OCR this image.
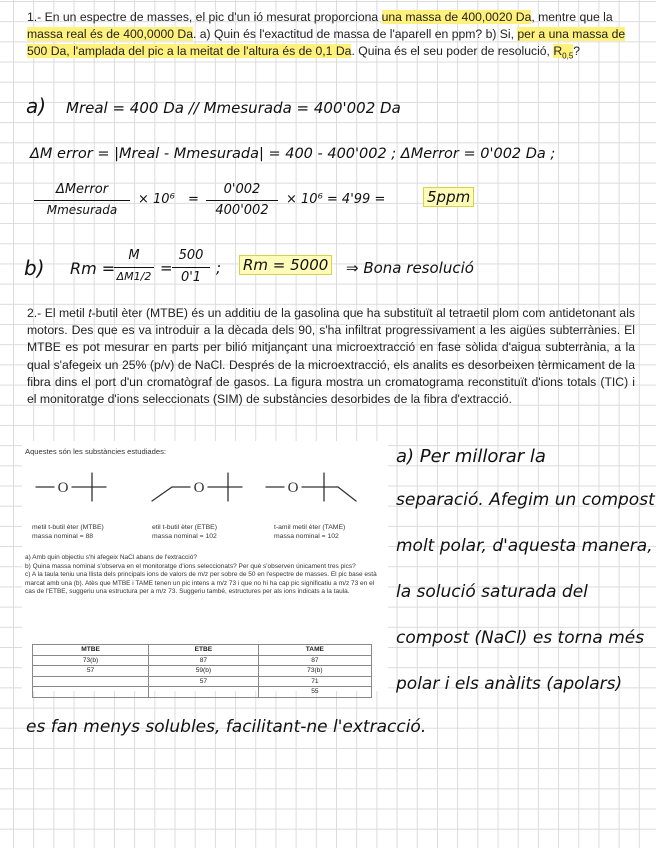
1.- En un espectre de masses, el pic d'un ió mesurat proporciona una massa de 400,0020 Da, mentre que la massa real és de 400,0000 Da. a) Quin és l'exactitud de massa de l'aparell en ppm? b) Si, per a una massa de 500 Da, l'amplada del pic a la meitat de l'altura és de 0,1 Da. Quina és el seu poder de resolució, $R_{0,5}$?
a) Mreal = 400 Da // Mmesurada = 400'002 Da
ΔM error = |Mreal - Mmesurada| = 400 - 400'002 ; ΔMerror = 0'002 Da ;
ΔMerror
Mmesurada
× 10⁶ =
0'002
400'002
× 10⁶ = 4'99 =	5ppm
b) Rm =
M
ΔM1/2 =
500
0'1
; Rm = 5000 ⇒ Bona resolució
2.- El metil t-butil èter (MTBE) és un additiu de la gasolina que ha substituït al tetraetil plom com antidetonant als motors. Des que es va introduir a la dècada dels 90, s'ha infiltrat progressivament a les aigües subterrànies. El MTBE es pot mesurar en parts per bilió mitjançant una microextracció en fase sòlida d'aigua subterrània, a la qual s'afegeix un 25% (p/v) de NaCl. Després de la microextracció, els analits es desorbeixen tèrmicament de la fibra dins el port d'un cromatògraf de gasos. La figura mostra un cromatograma reconstituït d'ions totals (TIC) i el monitoratge d'ions seleccionats (SIM) de substàncies desorbides de la fibra d'extracció.
Aquestes són les substàncies estudiades:
O	O	O
metil t-butil èter (MTBE)
massa nominal = 88
etil t-butil èter (ETBE)
massa nominal = 102
t-amil metil èter (TAME)
massa nominal = 102
a) Amb quin objectiu s'hi afegeix NaCl abans de l'extracció?
b) Quina massa nominal s'observa en el monitoratge d'ions seleccionats? Per què s'observen únicament tres pics?
c) A la taula teniu una llista dels principals ions de valors de m/z per sobre de 50 en l'espectre de masses. El pic base està marcat amb una (b). Atès que MTBE i TAME tenen un pic intens a m/z 73 i que no hi ha cap pic significatiu a m/z 73 en el cas de l'ETBE, suggeriu una estructura per a m/z 73. Suggeriu també, estructures per als ions indicats a la taula.
MTBE	ETBE	TAME
73(b)	87	87
57	59(b)	73(b)
	57	71
		55
a) Per millorar la
separació. Afegim un compost
molt polar, d'aquesta manera,
la solució saturada del
compost (NaCl) es torna més
polar i els anàlits (apolars)
es fan menys solubles, facilitant-ne l'extracció.
